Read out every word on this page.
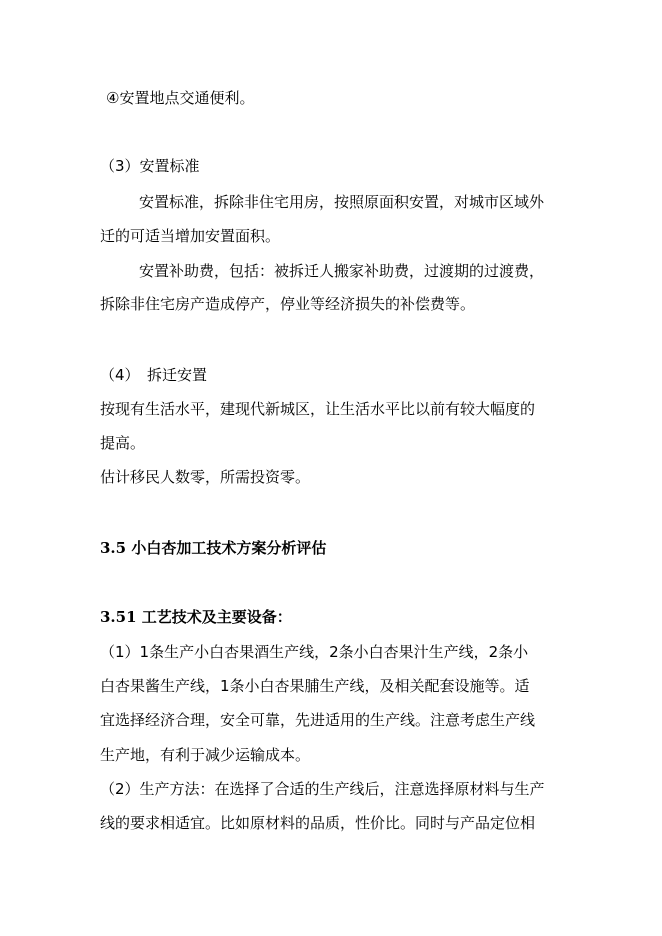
④安置地点交通便利。
（3）安置标准
安置标准，拆除非住宅用房，按照原面积安置，对城市区域外
迁的可适当增加安置面积。
安置补助费，包括：被拆迁人搬家补助费，过渡期的过渡费，
拆除非住宅房产造成停产，停业等经济损失的补偿费等。
（4）　拆迁安置
按现有生活水平，建现代新城区，让生活水平比以前有较大幅度的
提高。
估计移民人数零，所需投资零。
3.5 小白杏加工技术方案分析评估
3.51 工艺技术及主要设备：
（1）1条生产小白杏果酒生产线，2条小白杏果汁生产线，2条小
白杏果酱生产线，1条小白杏果脯生产线，及相关配套设施等。适
宜选择经济合理，安全可靠，先进适用的生产线。注意考虑生产线
生产地，有利于减少运输成本。
（2）生产方法：在选择了合适的生产线后，注意选择原材料与生产
线的要求相适宜。比如原材料的品质，性价比。同时与产品定位相
